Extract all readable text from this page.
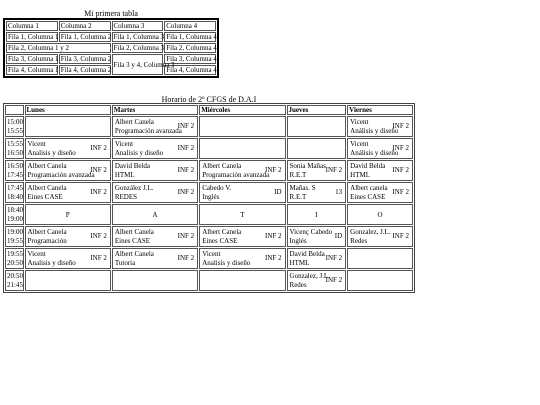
Mi primera tabla
Columna 1	Columna 2	Columna 3	Columna 4
Fila 1, Columna 1	Fila 1, Columna 2	Fila 1, Columna 3	Fila 1, Columna 4
Fila 2, Columna 1 y 2		Fila 2, Columna 3	Fila 2, Columna 4
Fila 3, Columna 1	Fila 3, Columna 2	Fila 3 y 4, Columna 3	Fila 3, Columna 4
Fila 4, Columna 1	Fila 4, Columna 2		Fila 4, Columna 4
Horario de 2º CFGS de D.A.I
	Lunes	Martes	Miércoles	Jueves	Viernes

15:00
15:55		Albert Canela
Programación avanzada
INF 2			Vicent
Análisis y diseño
INF 2

15:55
16:50	Vicent
Analisis y diseño
INF 2	Vicent
Analisis y diseño
INF 2			Vicent
Análisis y diseño
INF 2

16:50
17:45	Albert Canela
Programación avanzada
INF 2	David Belda
HTML
INF 2	Albert Canela
Programación avanzada
INF 2	Sonia Mañas
R.E.T
INF 2	David Belda
HTML
INF 2

17:45
18:40	Albert Canela
Eines CASE
INF 2	González J.L.
REDES
INF 2	Cabedo V.
Inglés
ID	Mañas. S
R.E.T
13	Albert canela
Eines CASE
INF 2

18:40
19:00	P	A	T	I	O

19:00
19:55	Albert Canela
Programación
INF 2	Albert Canela
Eines CASE
INF 2	Albert Canela
Eines CASE
INF 2	Vicenç Cabedo
Inglés
ID	Gonzalez, J.L.
Redes
INF 2

19:55
20:50	Vicent
Analisis y diseño
INF 2	Albert Canela
Tutoria
INF 2	Vicent
Analisis y diseño
INF 2	David Belda
HTML
INF 2	

20:50
21:45				Gonzalez, J.L.
Redes
INF 2	
